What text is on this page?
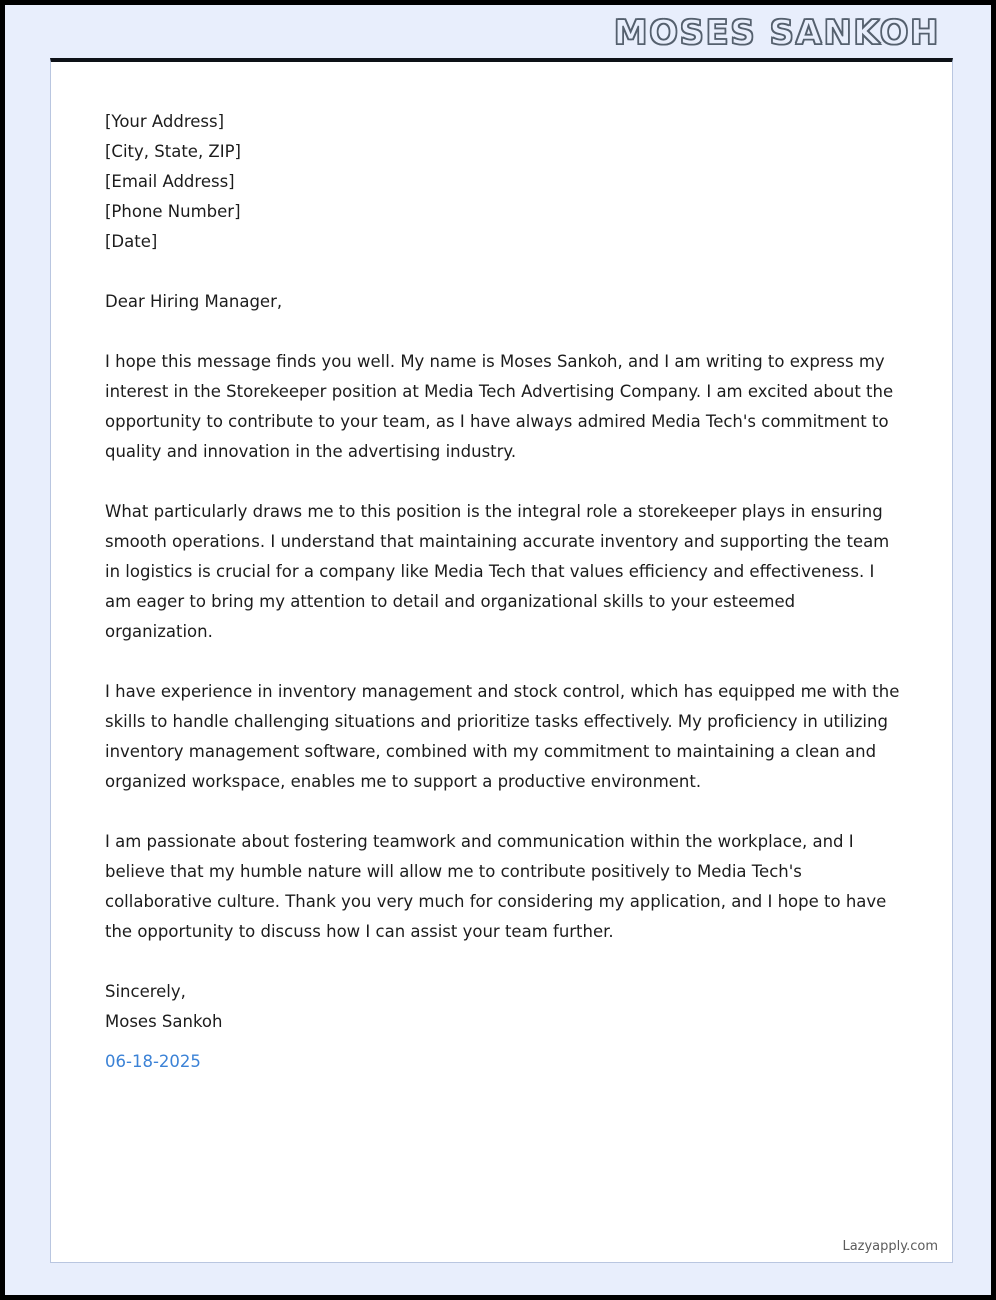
MOSES SANKOH
[Your Address]
[City, State, ZIP]
[Email Address]
[Phone Number]
[Date]
Dear Hiring Manager,
I hope this message finds you well. My name is Moses Sankoh, and I am writing to express my interest in the Storekeeper position at Media Tech Advertising Company. I am excited about the opportunity to contribute to your team, as I have always admired Media Tech's commitment to quality and innovation in the advertising industry.
What particularly draws me to this position is the integral role a storekeeper plays in ensuring smooth operations. I understand that maintaining accurate inventory and supporting the team in logistics is crucial for a company like Media Tech that values efficiency and effectiveness. I am eager to bring my attention to detail and organizational skills to your esteemed organization.
I have experience in inventory management and stock control, which has equipped me with the skills to handle challenging situations and prioritize tasks effectively. My proficiency in utilizing inventory management software, combined with my commitment to maintaining a clean and organized workspace, enables me to support a productive environment.
I am passionate about fostering teamwork and communication within the workplace, and I believe that my humble nature will allow me to contribute positively to Media Tech's collaborative culture. Thank you very much for considering my application, and I hope to have the opportunity to discuss how I can assist your team further.
Sincerely,
Moses Sankoh
06-18-2025
Lazyapply.com
